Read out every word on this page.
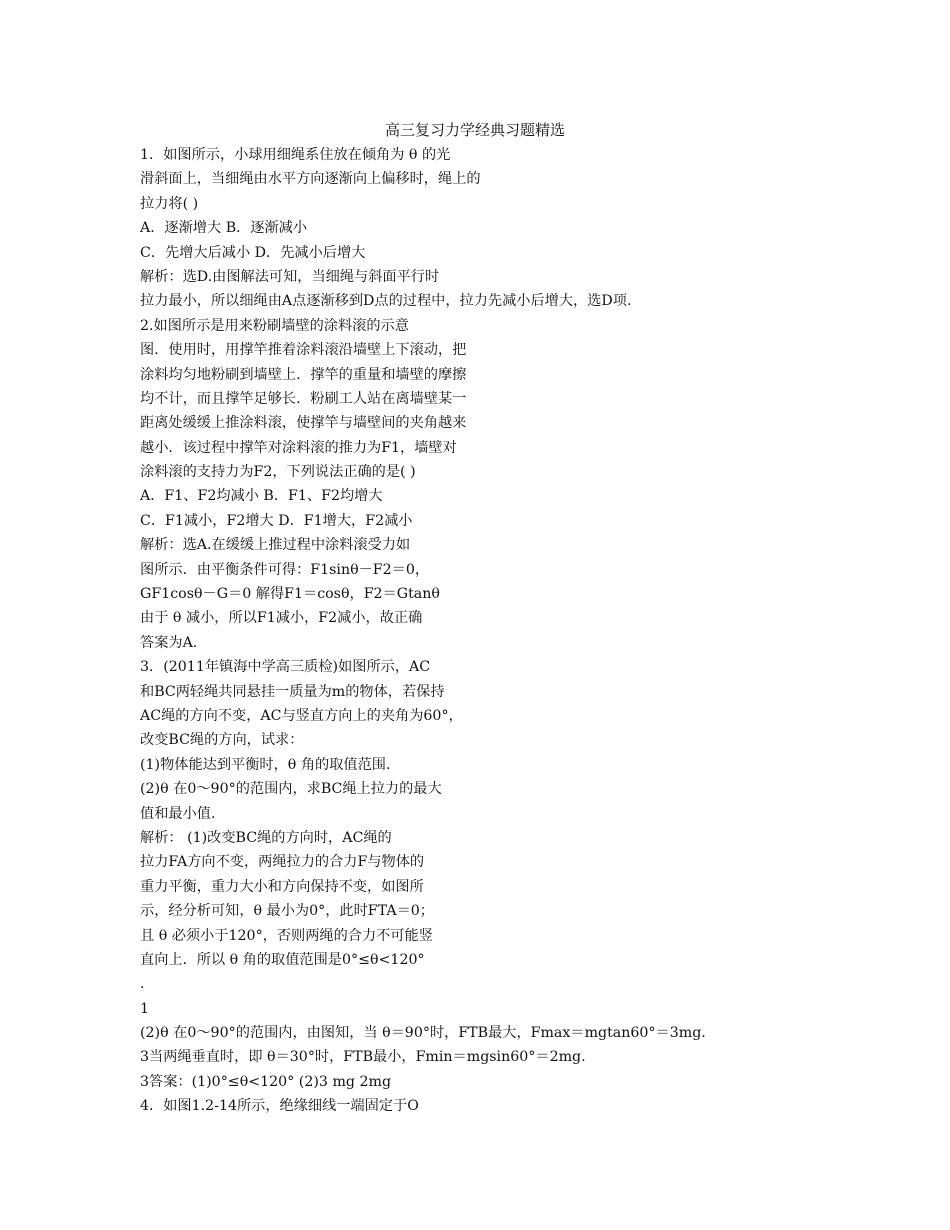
高三复习力学经典习题精选
1．如图所示，小球用细绳系住放在倾角为 θ 的光
滑斜面上，当细绳由水平方向逐渐向上偏移时，绳上的
拉力将( )
A．逐渐增大 B．逐渐减小
C．先增大后减小 D．先减小后增大
解析：选D.由图解法可知，当细绳与斜面平行时
拉力最小，所以细绳由A点逐渐移到D点的过程中，拉力先减小后增大，选D项.
2.如图所示是用来粉刷墙壁的涂料滚的示意
图．使用时，用撑竿推着涂料滚沿墙壁上下滚动，把
涂料均匀地粉刷到墙壁上．撑竿的重量和墙壁的摩擦
均不计，而且撑竿足够长．粉刷工人站在离墙壁某一
距离处缓缓上推涂料滚，使撑竿与墙壁间的夹角越来
越小．该过程中撑竿对涂料滚的推力为F1，墙壁对
涂料滚的支持力为F2，下列说法正确的是( )
A．F1、F2均减小 B．F1、F2均增大
C．F1减小，F2增大 D．F1增大，F2减小
解析：选A.在缓缓上推过程中涂料滚受力如
图所示．由平衡条件可得：F1sinθ－F2＝0，
GF1cosθ－G＝0 解得F1＝cosθ，F2＝Gtanθ
由于 θ 减小，所以F1减小，F2减小，故正确
答案为A.
3．(2011年镇海中学高三质检)如图所示，AC
和BC两轻绳共同悬挂一质量为m的物体，若保持
AC绳的方向不变，AC与竖直方向上的夹角为60°，
改变BC绳的方向，试求：
(1)物体能达到平衡时，θ 角的取值范围.
(2)θ 在0～90°的范围内，求BC绳上拉力的最大
值和最小值.
解析： (1)改变BC绳的方向时，AC绳的
拉力FA方向不变，两绳拉力的合力F与物体的
重力平衡，重力大小和方向保持不变，如图所
示，经分析可知，θ 最小为0°，此时FTA＝0；
且 θ 必须小于120°，否则两绳的合力不可能竖
直向上．所以 θ 角的取值范围是0°≤θ<120°
.
1
(2)θ 在0～90°的范围内，由图知，当 θ＝90°时，FTB最大，Fmax＝mgtan60°＝3mg.
3当两绳垂直时，即 θ＝30°时，FTB最小，Fmin＝mgsin60°＝2mg.
3答案：(1)0°≤θ<120° (2)3 mg 2mg
4．如图1.2-14所示，绝缘细线一端固定于O
